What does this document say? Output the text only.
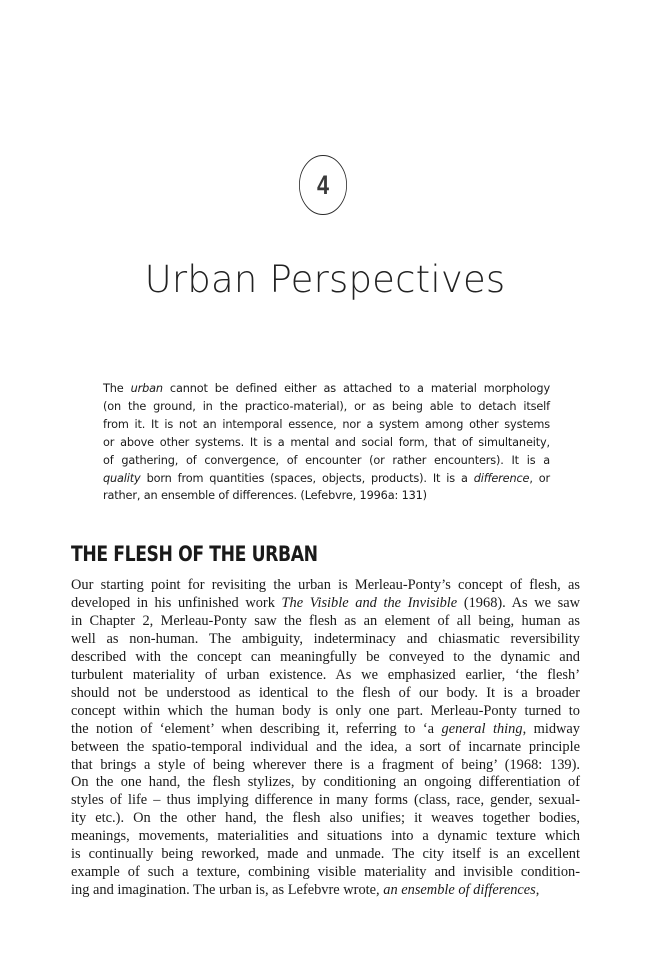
4
Urban Perspectives
The urban cannot be defined either as attached to a material morphology
(on the ground, in the practico-material), or as being able to detach itself
from it. It is not an intemporal essence, nor a system among other systems
or above other systems. It is a mental and social form, that of simultaneity,
of gathering, of convergence, of encounter (or rather encounters). It is a
quality born from quantities (spaces, objects, products). It is a difference, or
rather, an ensemble of differences. (Lefebvre, 1996a: 131)
THE FLESH OF THE URBAN
Our starting point for revisiting the urban is Merleau-Ponty’s concept of flesh, as
developed in his unfinished work The Visible and the Invisible (1968). As we saw
in Chapter 2, Merleau-Ponty saw the flesh as an element of all being, human as
well as non-human. The ambiguity, indeterminacy and chiasmatic reversibility
described with the concept can meaningfully be conveyed to the dynamic and
turbulent materiality of urban existence. As we emphasized earlier, ‘the flesh’
should not be understood as identical to the flesh of our body. It is a broader
concept within which the human body is only one part. Merleau-Ponty turned to
the notion of ‘element’ when describing it, referring to ‘a general thing, midway
between the spatio-temporal individual and the idea, a sort of incarnate principle
that brings a style of being wherever there is a fragment of being’ (1968: 139).
On the one hand, the flesh stylizes, by conditioning an ongoing differentiation of
styles of life – thus implying difference in many forms (class, race, gender, sexual-
ity etc.). On the other hand, the flesh also unifies; it weaves together bodies,
meanings, movements, materialities and situations into a dynamic texture which
is continually being reworked, made and unmade. The city itself is an excellent
example of such a texture, combining visible materiality and invisible condition-
ing and imagination. The urban is, as Lefebvre wrote, an ensemble of differences,
